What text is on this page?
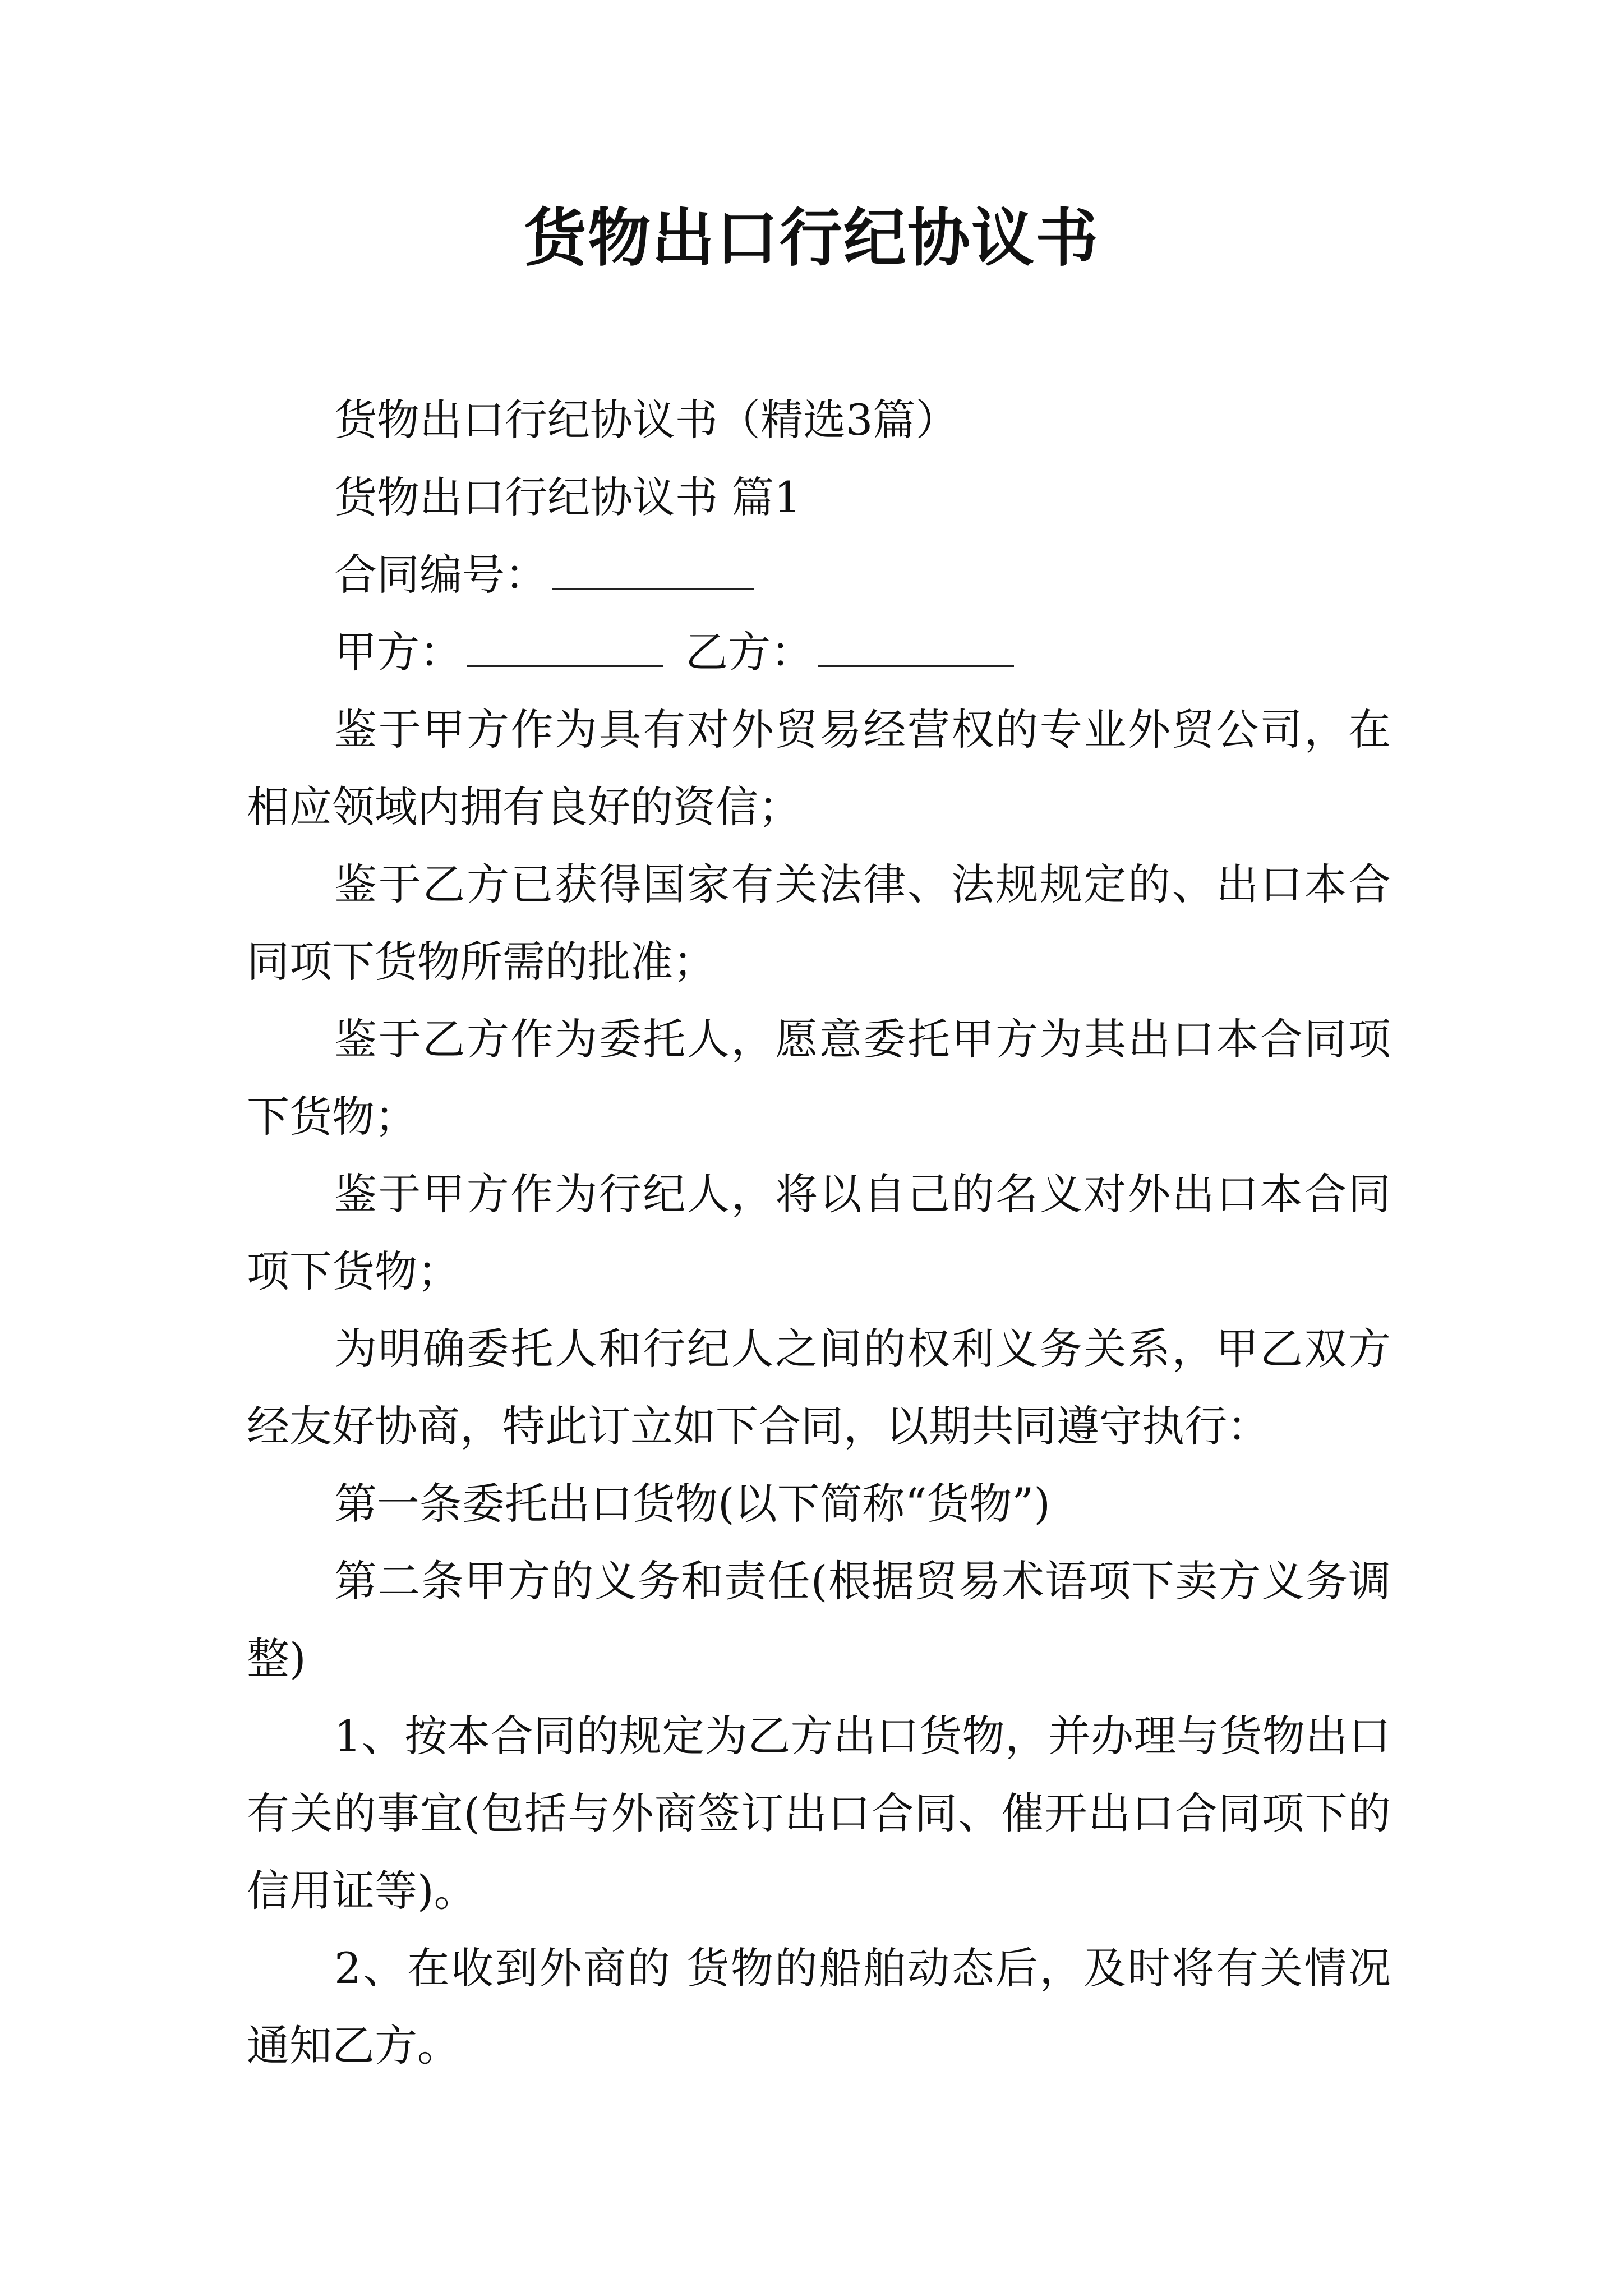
货物出口行纪协议书

货物出口行纪协议书（精选3篇）

货物出口行纪协议书 篇1

合同编号：

甲方：	乙方：

鉴于甲方作为具有对外贸易经营权的专业外贸公司，在相应领域内拥有良好的资信；

鉴于乙方已获得国家有关法律、法规规定的、出口本合同项下货物所需的批准；

鉴于乙方作为委托人，愿意委托甲方为其出口本合同项下货物；

鉴于甲方作为行纪人，将以自己的名义对外出口本合同项下货物；

为明确委托人和行纪人之间的权利义务关系，甲乙双方经友好协商，特此订立如下合同，以期共同遵守执行：

第一条委托出口货物(以下简称“货物”)

第二条甲方的义务和责任(根据贸易术语项下卖方义务调整)

1、按本合同的规定为乙方出口货物，并办理与货物出口有关的事宜(包括与外商签订出口合同、催开出口合同项下的信用证等)。

2、在收到外商的 货物的船舶动态后，及时将有关情况通知乙方。
